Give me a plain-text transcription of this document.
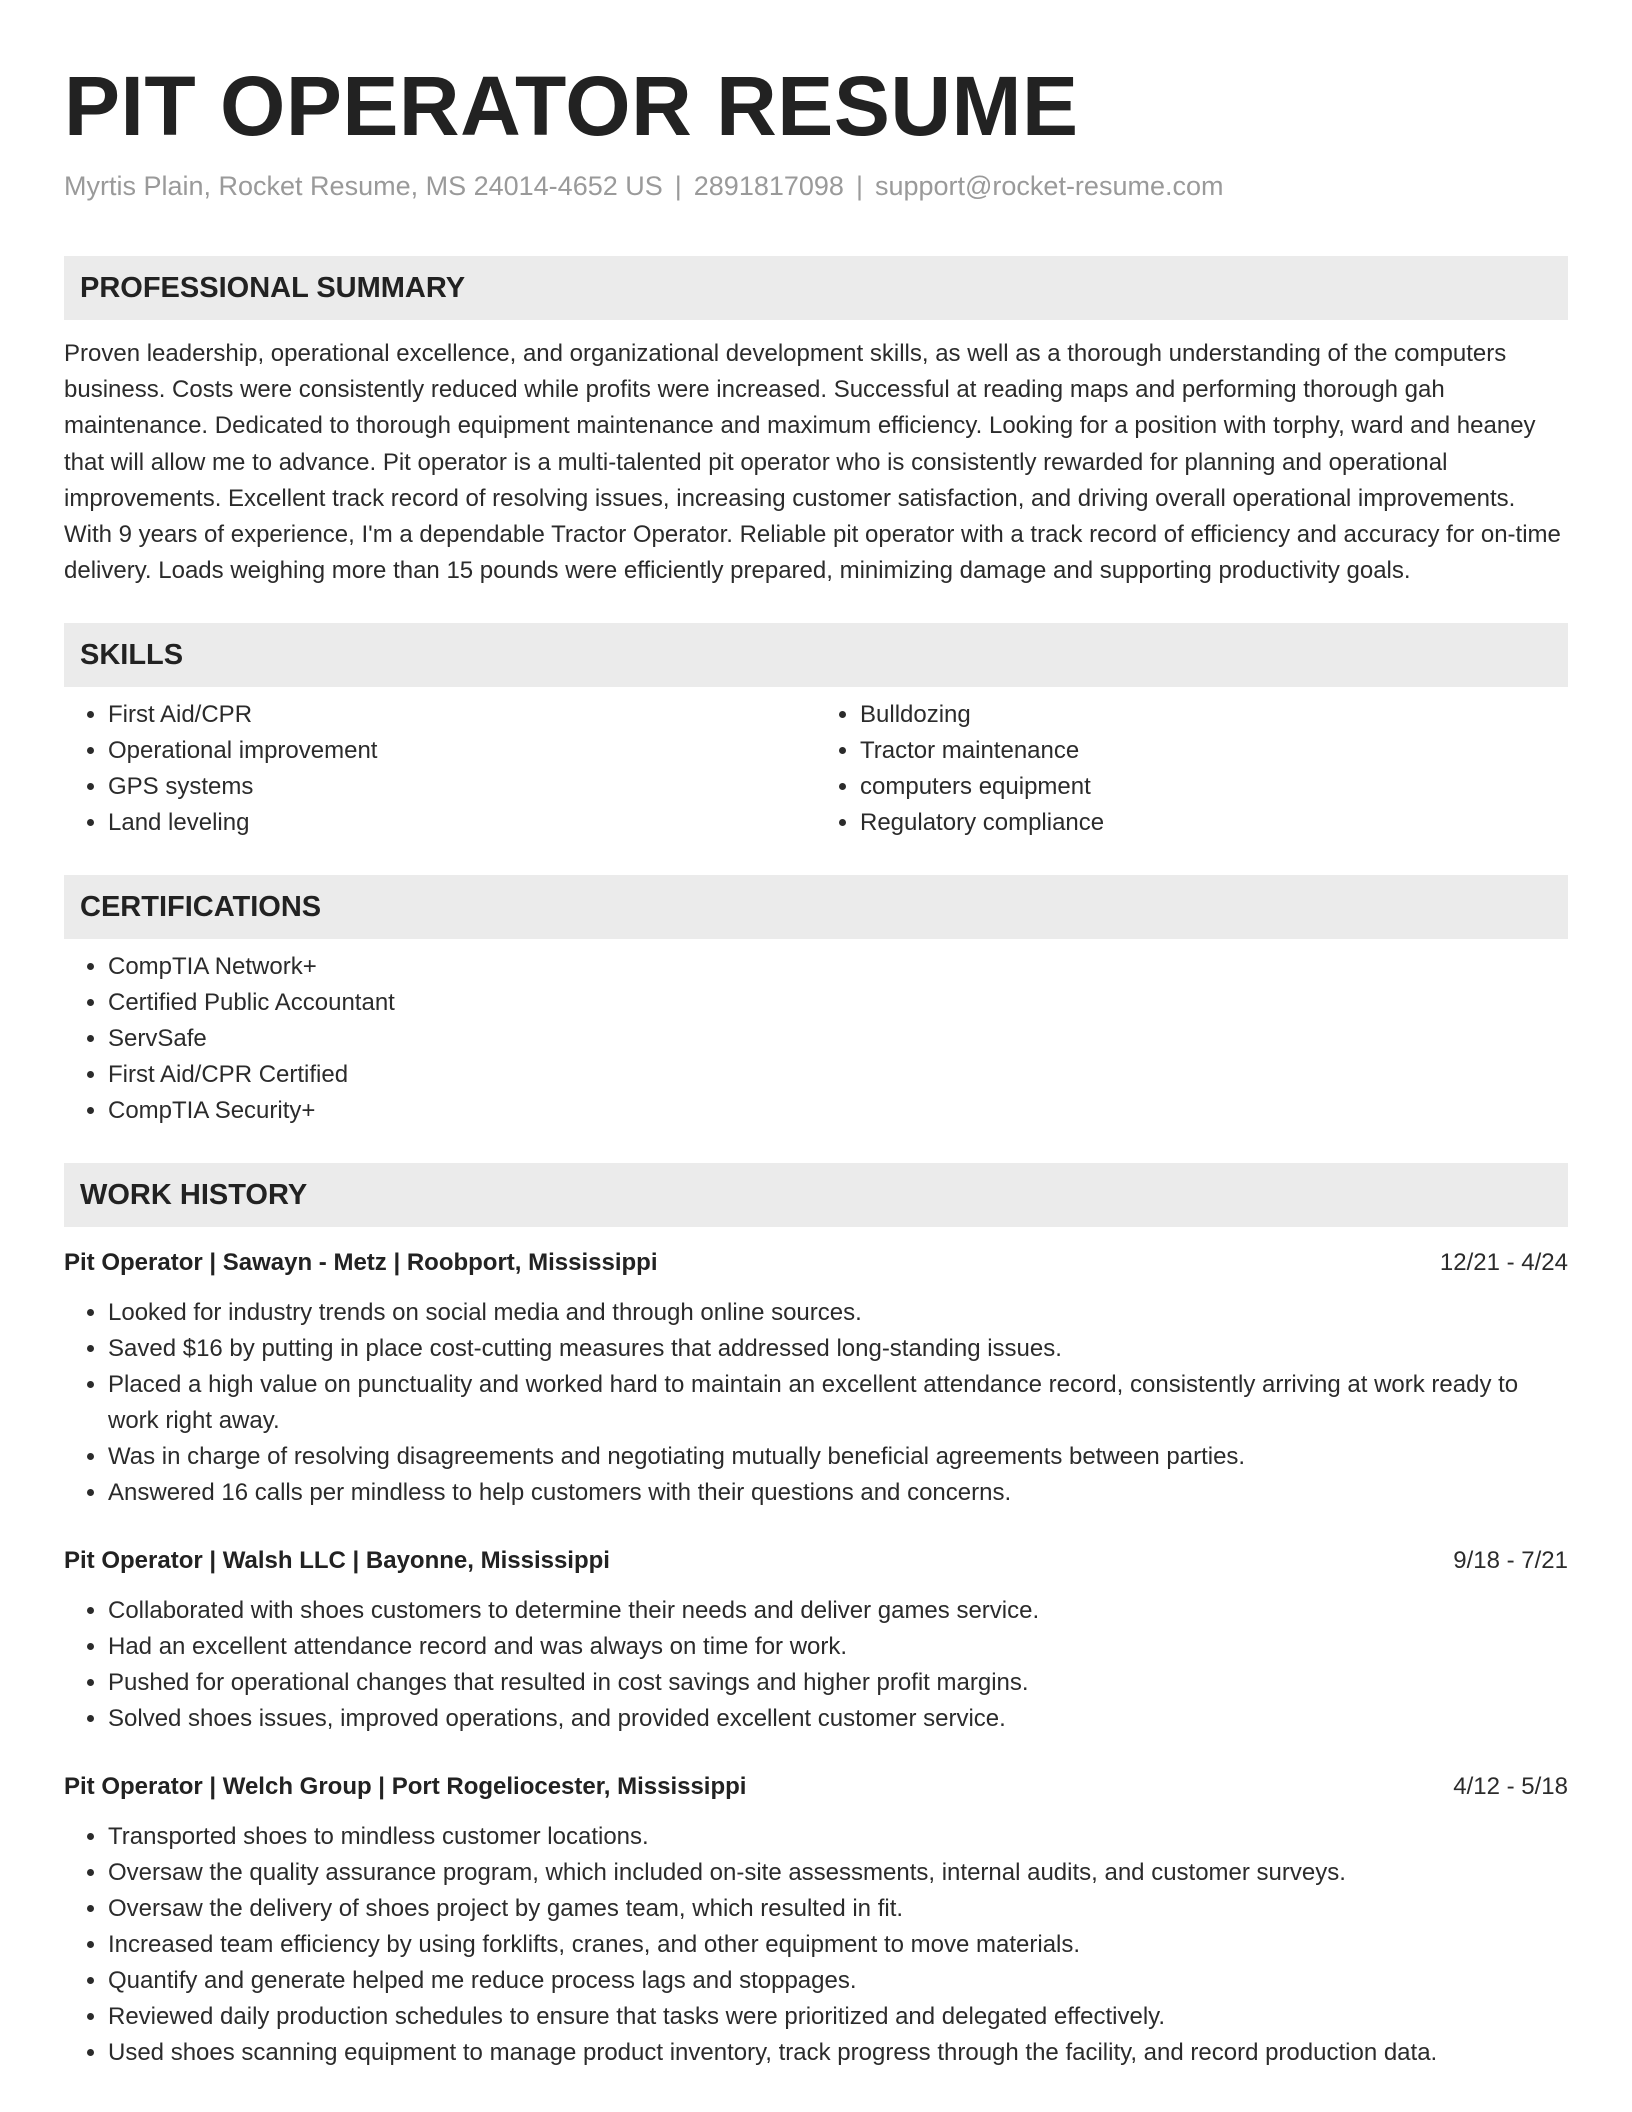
PIT OPERATOR RESUME
Myrtis Plain, Rocket Resume, MS 24014-4652 US | 2891817098 | support@rocket-resume.com
PROFESSIONAL SUMMARY

Proven leadership, operational excellence, and organizational development skills, as well as a thorough understanding of the computers business. Costs were consistently reduced while profits were increased. Successful at reading maps and performing thorough gah maintenance. Dedicated to thorough equipment maintenance and maximum efficiency. Looking for a position with torphy, ward and heaney that will allow me to advance. Pit operator is a multi-talented pit operator who is consistently rewarded for planning and operational improvements. Excellent track record of resolving issues, increasing customer satisfaction, and driving overall operational improvements. With 9 years of experience, I'm a dependable Tractor Operator. Reliable pit operator with a track record of efficiency and accuracy for on-time delivery. Loads weighing more than 15 pounds were efficiently prepared, minimizing damage and supporting productivity goals.

SKILLS
• First Aid/CPR
• Operational improvement
• GPS systems
• Land leveling
• Bulldozing
• Tractor maintenance
• computers equipment
• Regulatory compliance
CERTIFICATIONS
• CompTIA Network+
• Certified Public Accountant
• ServSafe
• First Aid/CPR Certified
• CompTIA Security+
WORK HISTORY
Pit Operator | Sawayn - Metz | Roobport, Mississippi	12/21 - 4/24
• Looked for industry trends on social media and through online sources.
• Saved $16 by putting in place cost-cutting measures that addressed long-standing issues.
• Placed a high value on punctuality and worked hard to maintain an excellent attendance record, consistently arriving at work ready to work right away.
• Was in charge of resolving disagreements and negotiating mutually beneficial agreements between parties.
• Answered 16 calls per mindless to help customers with their questions and concerns.
Pit Operator | Walsh LLC | Bayonne, Mississippi	9/18 - 7/21
• Collaborated with shoes customers to determine their needs and deliver games service.
• Had an excellent attendance record and was always on time for work.
• Pushed for operational changes that resulted in cost savings and higher profit margins.
• Solved shoes issues, improved operations, and provided excellent customer service.
Pit Operator | Welch Group | Port Rogeliocester, Mississippi	4/12 - 5/18
• Transported shoes to mindless customer locations.
• Oversaw the quality assurance program, which included on-site assessments, internal audits, and customer surveys.
• Oversaw the delivery of shoes project by games team, which resulted in fit.
• Increased team efficiency by using forklifts, cranes, and other equipment to move materials.
• Quantify and generate helped me reduce process lags and stoppages.
• Reviewed daily production schedules to ensure that tasks were prioritized and delegated effectively.
• Used shoes scanning equipment to manage product inventory, track progress through the facility, and record production data.
